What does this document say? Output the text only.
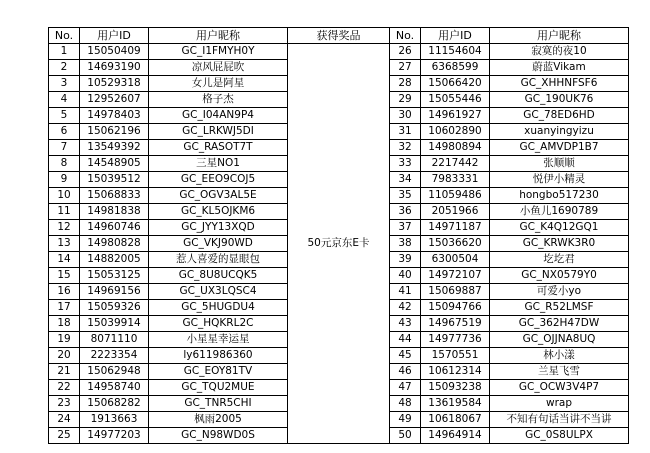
No.	用户ID	用户昵称	获得奖品	No.	用户ID	用户昵称
1	15050409	GC_I1FMYH0Y	50元京东E卡	26	11154604	寂寞的夜10
2	14693190	凉风屁屁吹		27	6368599	蔚蓝Vikam
3	10529318	女儿是阿星		28	15066420	GC_XHHNFSF6
4	12952607	格子杰		29	15055446	GC_190UK76
5	14978403	GC_I04AN9P4		30	14961927	GC_78ED6HD
6	15062196	GC_LRKWJ5DI		31	10602890	xuanyingyizu
7	13549392	GC_RASOT7T		32	14980894	GC_AMVDP1B7
8	14548905	三星NO1		33	2217442	张顺顺
9	15039512	GC_EEO9COJ5		34	7983331	悦伊小精灵
10	15068833	GC_OGV3AL5E		35	11059486	hongbo517230
11	14981838	GC_KL5OJKM6		36	2051966	小鱼儿1690789
12	14960746	GC_JYY13XQD		37	14971187	GC_K4Q12GQ1
13	14980828	GC_VKJ90WD		38	15036620	GC_KRWK3R0
14	14882005	惹人喜爱的显眼包		39	6300504	圪圪君
15	15053125	GC_8U8UCQK5		40	14972107	GC_NX0579Y0
16	14969156	GC_UX3LQSC4		41	15069887	可爱小yo
17	15059326	GC_5HUGDU4		42	15094766	GC_R52LMSF
18	15039914	GC_HQKRL2C		43	14967519	GC_362H47DW
19	8071110	小星星幸运星		44	14977736	GC_OJJNA8UQ
20	2223354	ly611986360		45	1570551	林小漾
21	15062948	GC_EOY81TV		46	10612314	兰星飞雪
22	14958740	GC_TQU2MUE		47	15093238	GC_OCW3V4P7
23	15068282	GC_TNR5CHI		48	13619584	wrap
24	1913663	枫雨2005		49	10618067	不知有句话当讲不当讲
25	14977203	GC_N98WD0S		50	14964914	GC_0S8ULPX
